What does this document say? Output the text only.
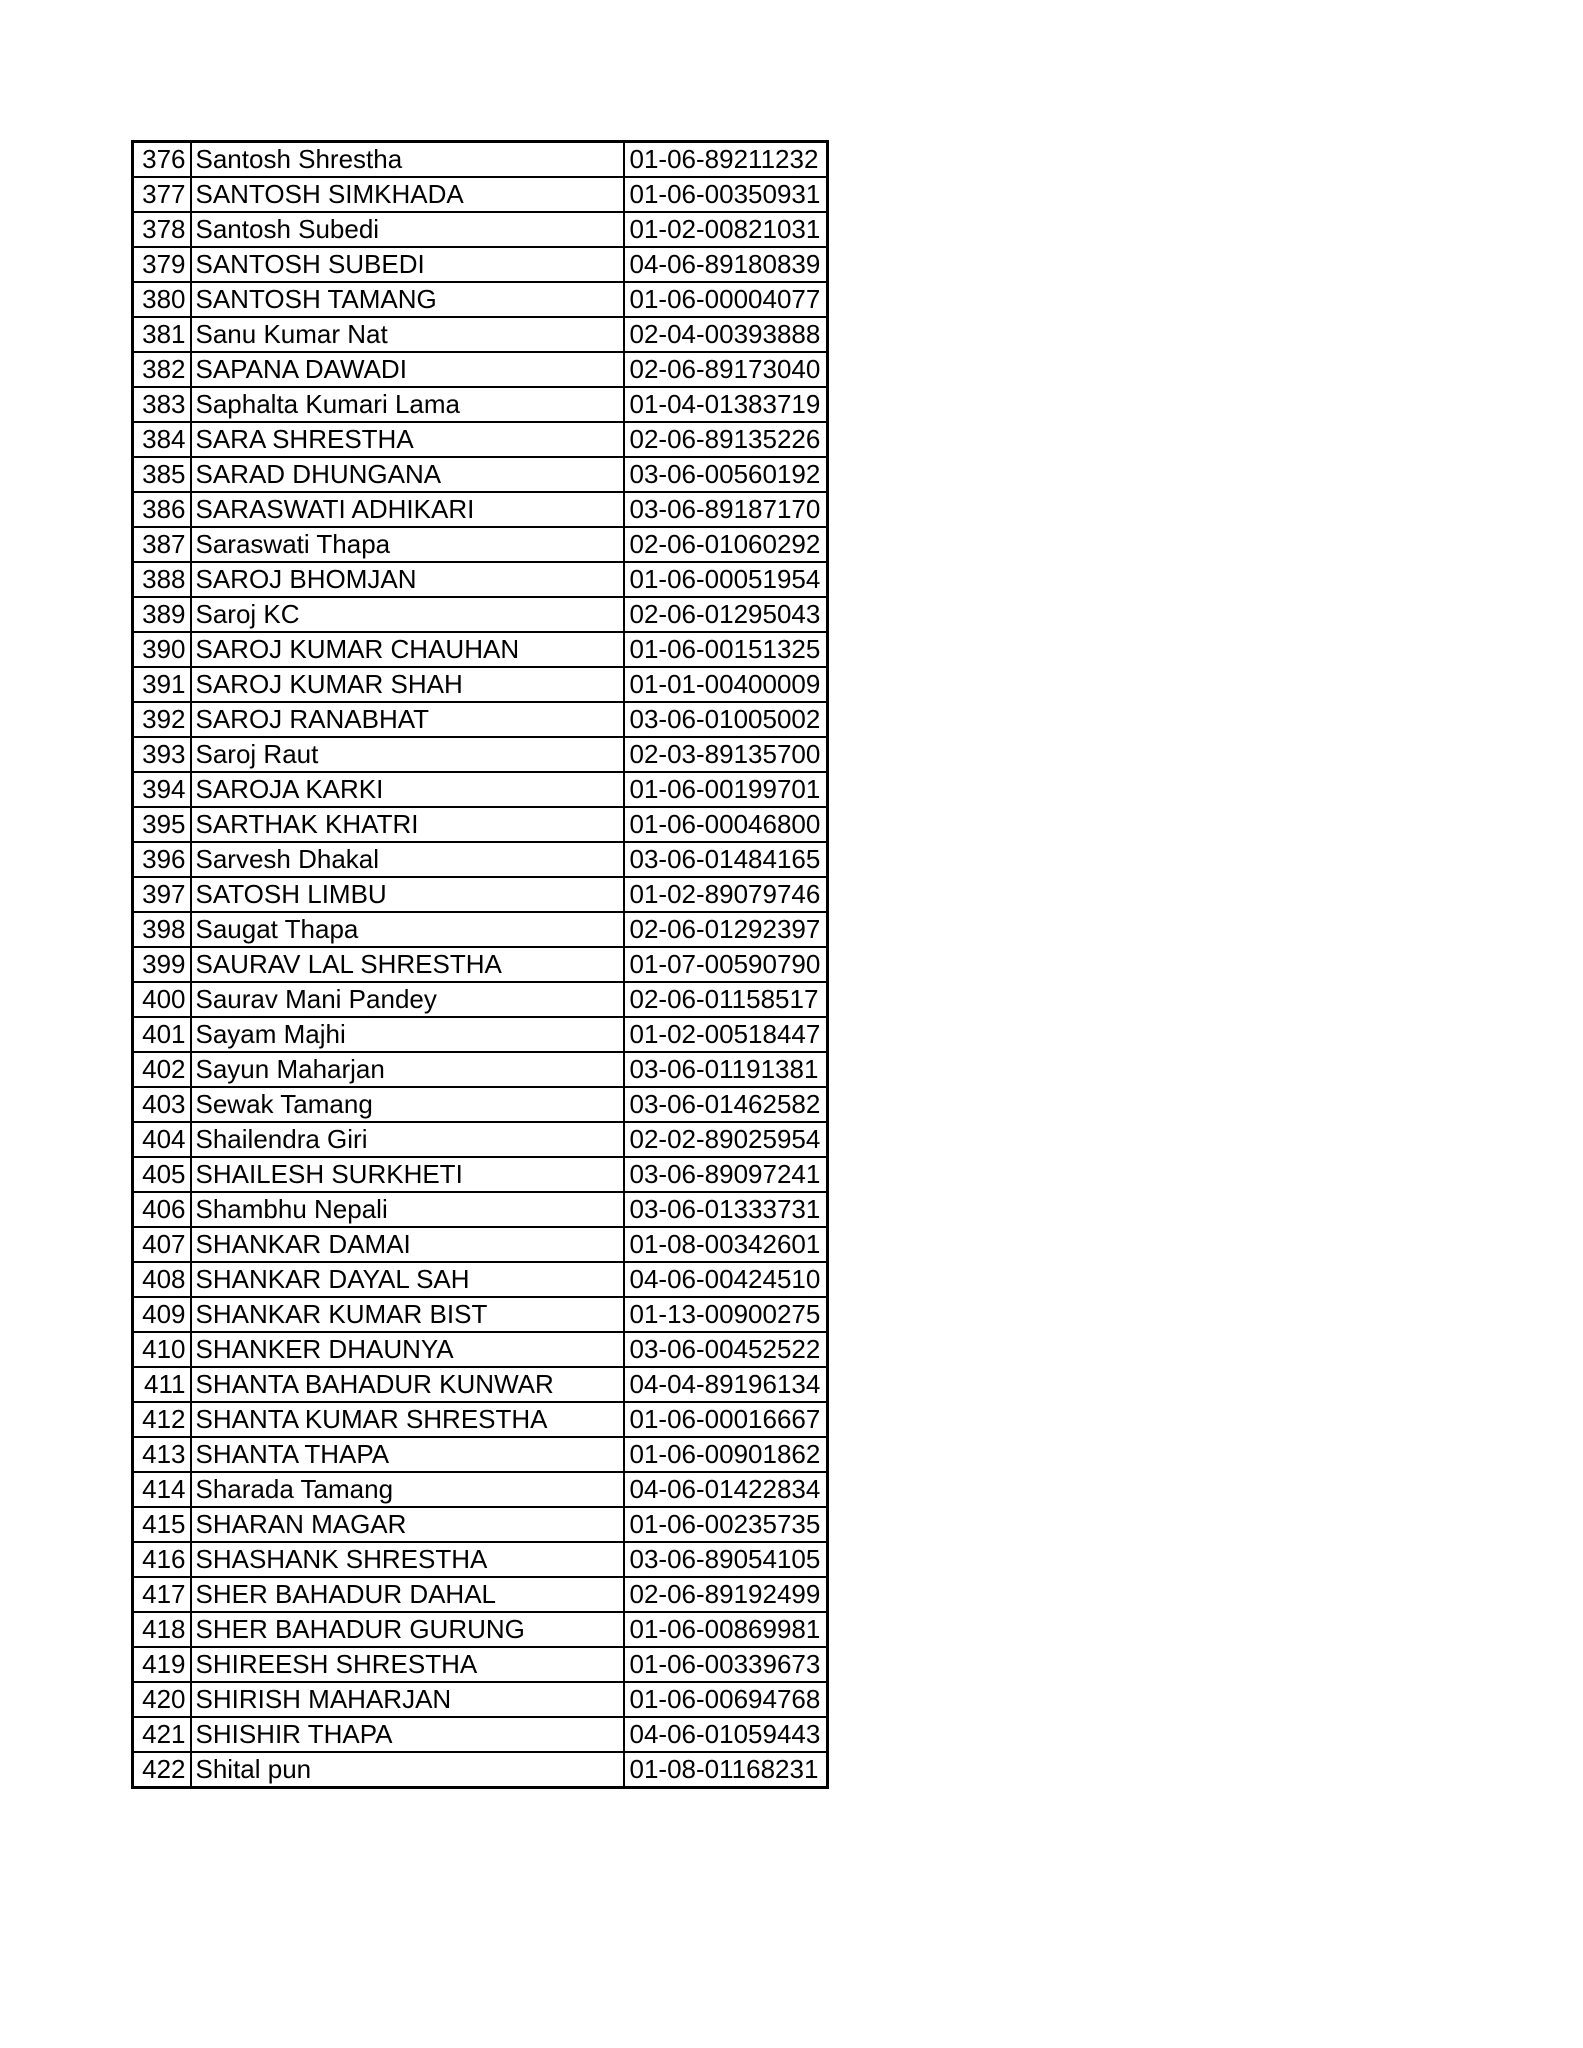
376	Santosh Shrestha	01-06-89211232
377	SANTOSH SIMKHADA	01-06-00350931
378	Santosh Subedi	01-02-00821031
379	SANTOSH SUBEDI	04-06-89180839
380	SANTOSH TAMANG	01-06-00004077
381	Sanu Kumar Nat	02-04-00393888
382	SAPANA DAWADI	02-06-89173040
383	Saphalta Kumari Lama	01-04-01383719
384	SARA SHRESTHA	02-06-89135226
385	SARAD DHUNGANA	03-06-00560192
386	SARASWATI ADHIKARI	03-06-89187170
387	Saraswati Thapa	02-06-01060292
388	SAROJ BHOMJAN	01-06-00051954
389	Saroj KC	02-06-01295043
390	SAROJ KUMAR CHAUHAN	01-06-00151325
391	SAROJ KUMAR SHAH	01-01-00400009
392	SAROJ RANABHAT	03-06-01005002
393	Saroj Raut	02-03-89135700
394	SAROJA KARKI	01-06-00199701
395	SARTHAK KHATRI	01-06-00046800
396	Sarvesh Dhakal	03-06-01484165
397	SATOSH LIMBU	01-02-89079746
398	Saugat Thapa	02-06-01292397
399	SAURAV LAL SHRESTHA	01-07-00590790
400	Saurav Mani Pandey	02-06-01158517
401	Sayam Majhi	01-02-00518447
402	Sayun Maharjan	03-06-01191381
403	Sewak Tamang	03-06-01462582
404	Shailendra Giri	02-02-89025954
405	SHAILESH SURKHETI	03-06-89097241
406	Shambhu Nepali	03-06-01333731
407	SHANKAR DAMAI	01-08-00342601
408	SHANKAR DAYAL SAH	04-06-00424510
409	SHANKAR KUMAR BIST	01-13-00900275
410	SHANKER DHAUNYA	03-06-00452522
411	SHANTA BAHADUR KUNWAR	04-04-89196134
412	SHANTA KUMAR SHRESTHA	01-06-00016667
413	SHANTA THAPA	01-06-00901862
414	Sharada Tamang	04-06-01422834
415	SHARAN MAGAR	01-06-00235735
416	SHASHANK SHRESTHA	03-06-89054105
417	SHER BAHADUR DAHAL	02-06-89192499
418	SHER BAHADUR GURUNG	01-06-00869981
419	SHIREESH SHRESTHA	01-06-00339673
420	SHIRISH MAHARJAN	01-06-00694768
421	SHISHIR THAPA	04-06-01059443
422	Shital pun	01-08-01168231
